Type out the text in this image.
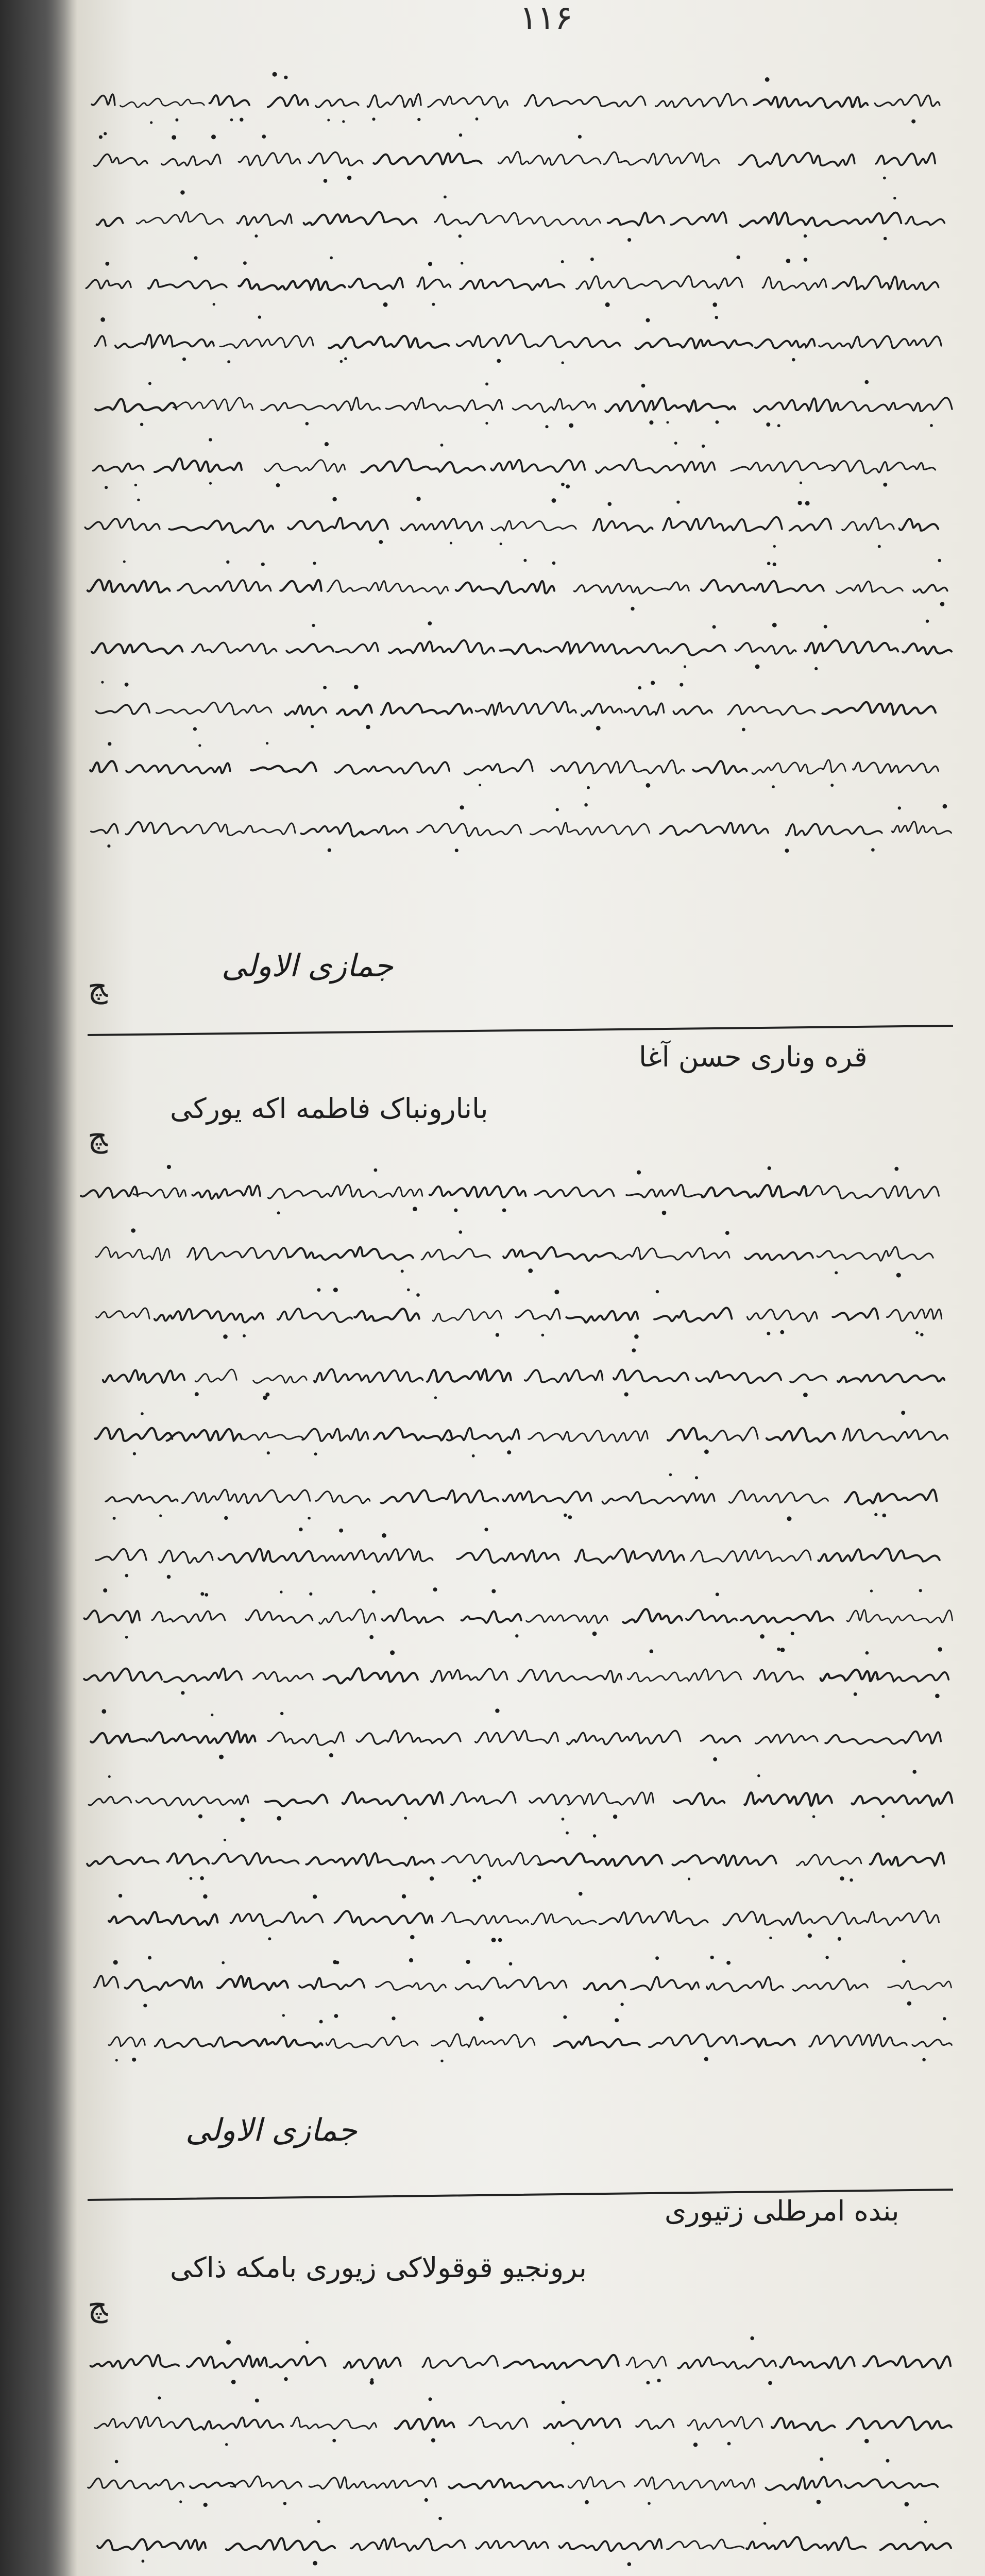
۱۱۶
جمازی الاولی
ﭻ
قره وناری حسن آغا
بانارونباک فاطمه اکه یورکی
ﭻ
جمازی الاولی
بنده امرطلی زتیوری
برونجیو قوقولاکی زیوری بامکه ذاکی
ﭻ
